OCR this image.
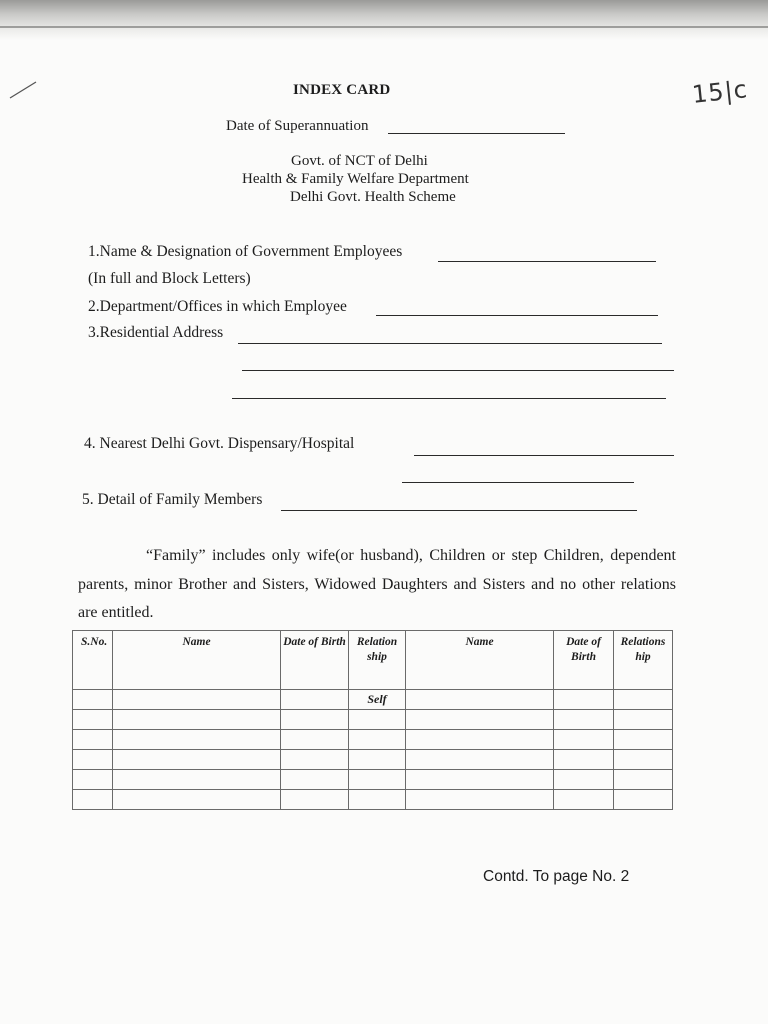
15|c
INDEX CARD
Date of Superannuation
Govt. of NCT of Delhi
Health & Family Welfare Department
Delhi Govt. Health Scheme
1.Name & Designation of Government Employees
(In full and Block Letters)
2.Department/Offices in which Employee
3.Residential Address
4. Nearest Delhi Govt. Dispensary/Hospital
5. Detail of Family Members
“Family” includes only wife(or husband), Children or step Children, dependent parents, minor Brother and Sisters, Widowed Daughters and Sisters and no other relations are entitled.
S.No.	Name	Date of Birth	Relation ship	Name	Date of Birth	Relations hip
			Self			

Contd. To page No. 2
